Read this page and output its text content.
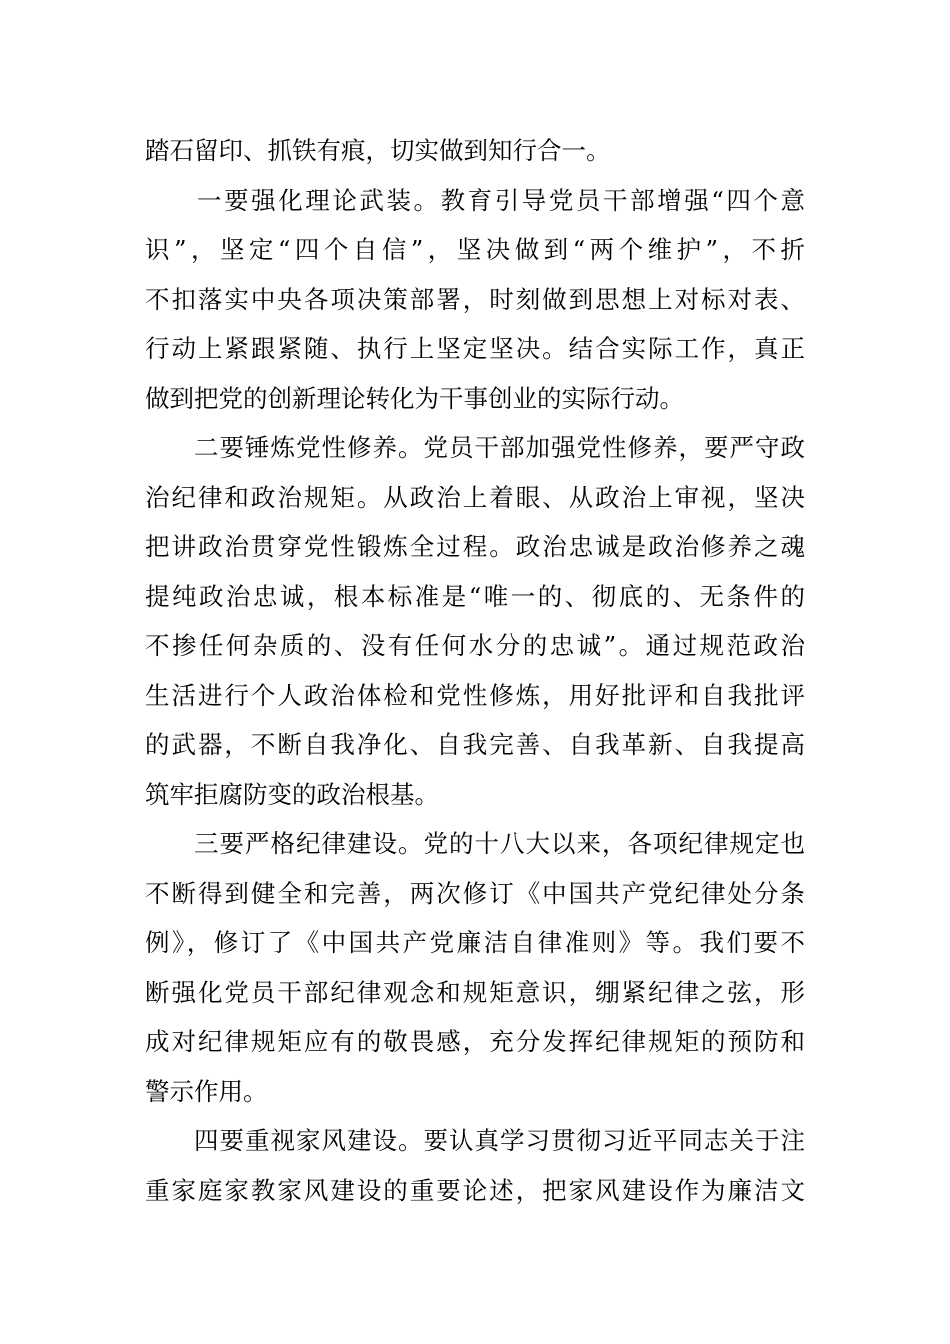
踏石留印、抓铁有痕，切实做到知行合一。
一要强化理论武装。教育引导党员干部增强“四个意
识”，坚定“四个自信”，坚决做到“两个维护”，不折
不扣落实中央各项决策部署，时刻做到思想上对标对表、
行动上紧跟紧随、执行上坚定坚决。结合实际工作，真正
做到把党的创新理论转化为干事创业的实际行动。
二要锤炼党性修养。党员干部加强党性修养，要严守政
治纪律和政治规矩。从政治上着眼、从政治上审视，坚决
把讲政治贯穿党性锻炼全过程。政治忠诚是政治修养之魂
提纯政治忠诚，根本标准是“唯一的、彻底的、无条件的
不掺任何杂质的、没有任何水分的忠诚”。通过规范政治
生活进行个人政治体检和党性修炼，用好批评和自我批评
的武器，不断自我净化、自我完善、自我革新、自我提高
筑牢拒腐防变的政治根基。
三要严格纪律建设。党的十八大以来，各项纪律规定也
不断得到健全和完善，两次修订《中国共产党纪律处分条
例》，修订了《中国共产党廉洁自律准则》等。我们要不
断强化党员干部纪律观念和规矩意识，绷紧纪律之弦，形
成对纪律规矩应有的敬畏感，充分发挥纪律规矩的预防和
警示作用。
四要重视家风建设。要认真学习贯彻习近平同志关于注
重家庭家教家风建设的重要论述，把家风建设作为廉洁文
